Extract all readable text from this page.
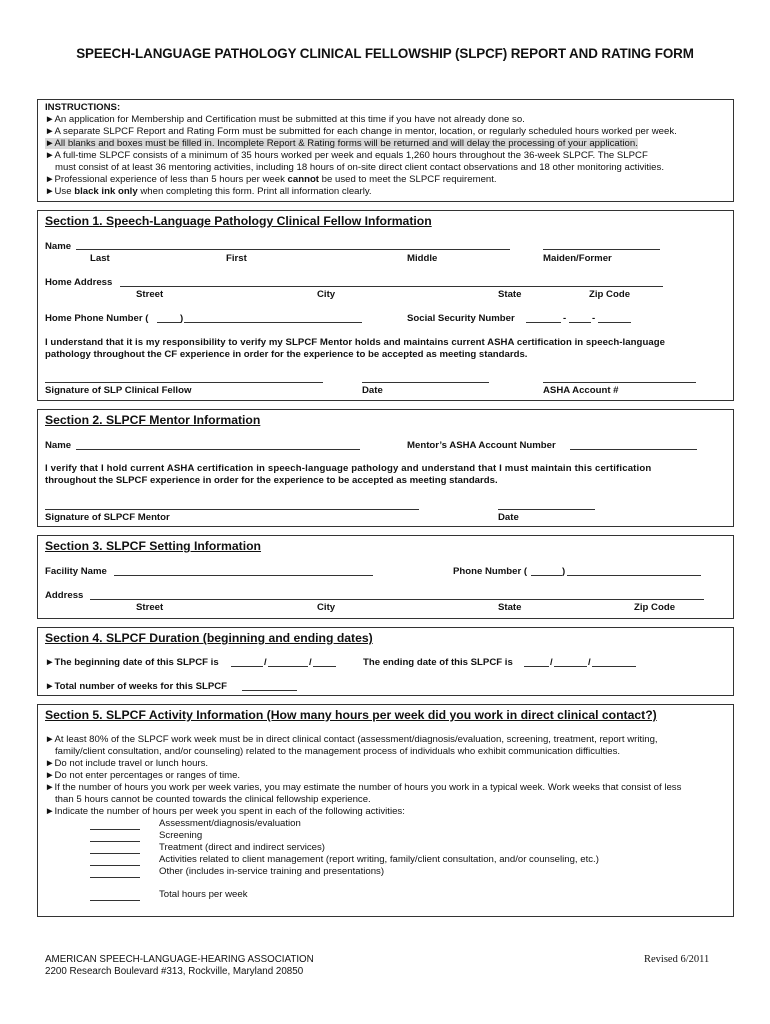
SPEECH-LANGUAGE PATHOLOGY CLINICAL FELLOWSHIP (SLPCF) REPORT AND RATING FORM
INSTRUCTIONS:
►An application for Membership and Certification must be submitted at this time if you have not already done so.
►A separate SLPCF Report and Rating Form must be submitted for each change in mentor, location, or regularly scheduled hours worked per week.
►All blanks and boxes must be filled in. Incomplete Report & Rating forms will be returned and will delay the processing of your application.
►A full-time SLPCF consists of a minimum of 35 hours worked per week and equals 1,260 hours throughout the 36-week SLPCF. The SLPCF
must consist of at least 36 mentoring activities, including 18 hours of on-site direct client contact observations and 18 other monitoring activities.
►Professional experience of less than 5 hours per week cannot be used to meet the SLPCF requirement.
►Use black ink only when completing this form. Print all information clearly.
Section 1. Speech-Language Pathology Clinical Fellow Information
Name
Last	First	Middle	Maiden/Former
Home Address
Street	City	State	Zip Code
Home Phone Number (	)	Social Security Number	-	-
I understand that it is my responsibility to verify my SLPCF Mentor holds and maintains current ASHA certification in speech-language
pathology throughout the CF experience in order for the experience to be accepted as meeting standards.
Signature of SLP Clinical Fellow	Date	ASHA Account #
Section 2. SLPCF Mentor Information
Name	Mentor’s ASHA Account Number
I verify that I hold current ASHA certification in speech-language pathology and understand that I must maintain this certification
throughout the SLPCF experience in order for the experience to be accepted as meeting standards.
Signature of SLPCF Mentor	Date
Section 3. SLPCF Setting Information
Facility Name	Phone Number (	)
Address
Street	City	State	Zip Code
Section 4. SLPCF Duration (beginning and ending dates)
►The beginning date of this SLPCF is	/	/	The ending date of this SLPCF is	/	/
►Total number of weeks for this SLPCF
Section 5. SLPCF Activity Information (How many hours per week did you work in direct clinical contact?)
►At least 80% of the SLPCF work week must be in direct clinical contact (assessment/diagnosis/evaluation, screening, treatment, report writing,
family/client consultation, and/or counseling) related to the management process of individuals who exhibit communication difficulties.
►Do not include travel or lunch hours.
►Do not enter percentages or ranges of time.
►If the number of hours you work per week varies, you may estimate the number of hours you work in a typical week. Work weeks that consist of less
than 5 hours cannot be counted towards the clinical fellowship experience.
►Indicate the number of hours per week you spent in each of the following activities:
Assessment/diagnosis/evaluation
Screening
Treatment (direct and indirect services)
Activities related to client management (report writing, family/client consultation, and/or counseling, etc.)
Other (includes in-service training and presentations)
Total hours per week
AMERICAN SPEECH-LANGUAGE-HEARING ASSOCIATION
2200 Research Boulevard #313, Rockville, Maryland 20850
Revised 6/2011
